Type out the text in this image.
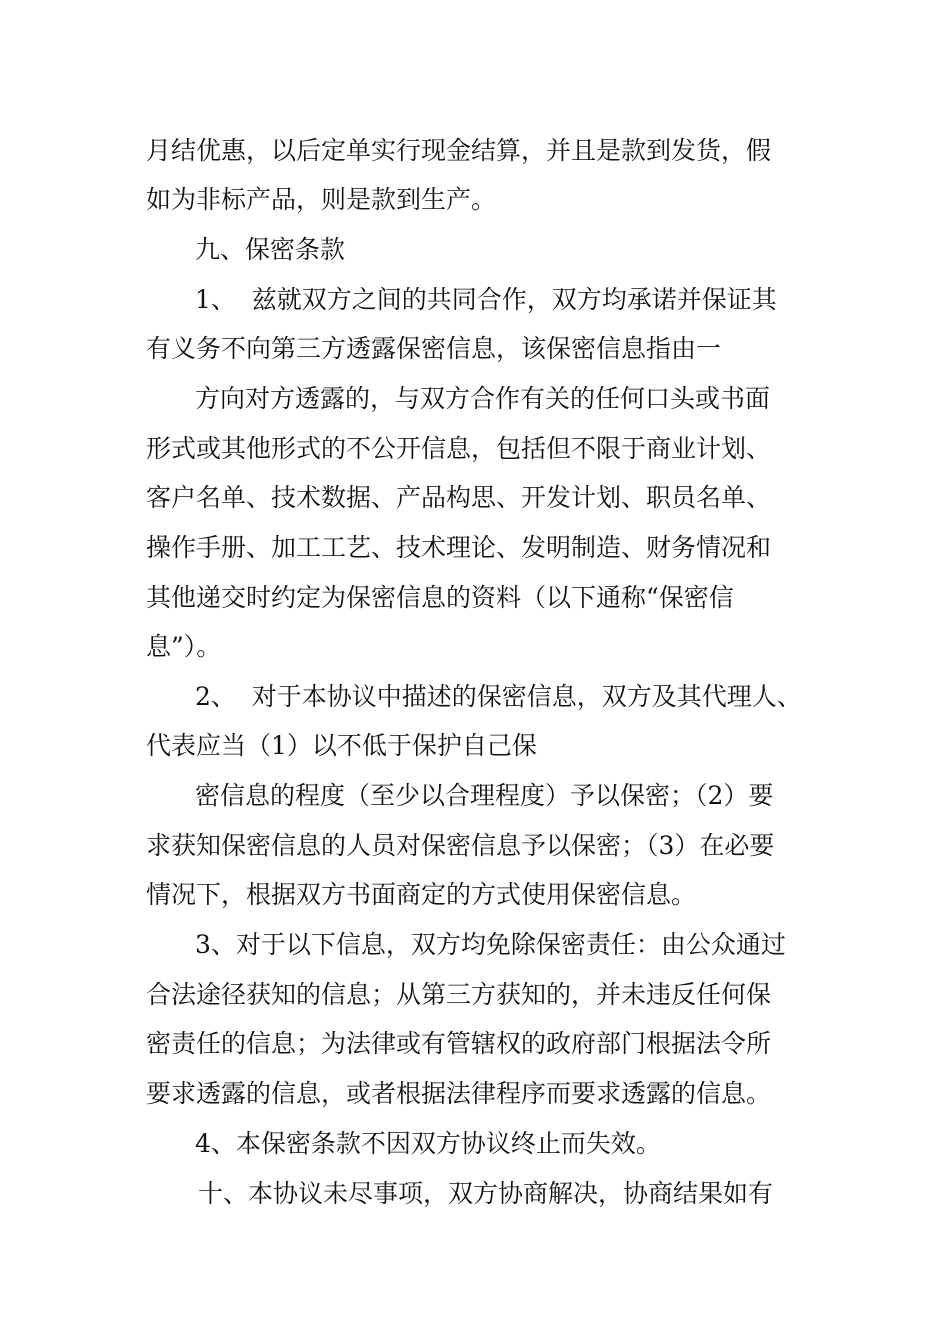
月结优惠，以后定单实行现金结算，并且是款到发货，假
如为非标产品，则是款到生产。
九、保密条款
1、  兹就双方之间的共同合作，双方均承诺并保证其
有义务不向第三方透露保密信息，该保密信息指由一
方向对方透露的，与双方合作有关的任何口头或书面
形式或其他形式的不公开信息，包括但不限于商业计划、
客户名单、技术数据、产品构思、开发计划、职员名单、
操作手册、加工工艺、技术理论、发明制造、财务情况和
其他递交时约定为保密信息的资料（以下通称“保密信
息”）。
2、  对于本协议中描述的保密信息，双方及其代理人、
代表应当（1）以不低于保护自己保
密信息的程度（至少以合理程度）予以保密；（2）要
求获知保密信息的人员对保密信息予以保密；（3）在必要
情况下，根据双方书面商定的方式使用保密信息。
3、对于以下信息，双方均免除保密责任：由公众通过
合法途径获知的信息；从第三方获知的，并未违反任何保
密责任的信息；为法律或有管辖权的政府部门根据法令所
要求透露的信息，或者根据法律程序而要求透露的信息。
4、本保密条款不因双方协议终止而失效。
十、本协议未尽事项，双方协商解决，协商结果如有
